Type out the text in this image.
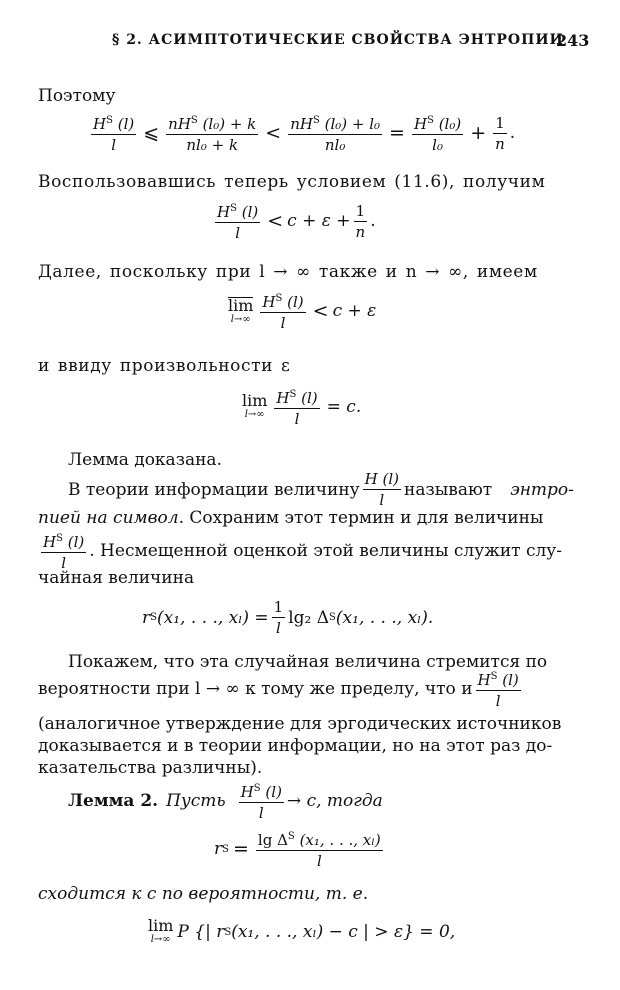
§ 2. АСИМПТОТИЧЕСКИЕ СВОЙСТВА ЭНТРОПИИ
243
Поэтому
$\frac{H^S (l)}{l}$ ⩽ $\frac{nH^S (l_0) + k}{\text{nl₀ + k}} < \frac{nH^S (l_0) + l_0}{\text{nl₀}} = \frac{H^S (l_0)}{\text{l₀}} + \frac{1}{n}$ .
Воспользовавшись теперь условием (11.6), получим
$\frac{H^S (l)}{l} < c + \varepsilon + \frac{1}{n}$ .
Далее, поскольку при l → ∞ также и n → ∞, имеем
lim
$l\to\infty \frac{H^S (l)}{l} < c + \varepsilon$
и ввиду произвольности ε
lim
$l\to\infty \frac{H^S (l)}{l} = c$.
Лемма доказана.
В теории информации величину $\frac{H (l)}{l}$ называют энтро-
пией на символ. Сохраним этот термин и для величины
$\frac{H^S (l)}{l}$ . Несмещенной оценкой этой величины служит слу-
чайная величина
r S (x₁, . . ., $x_l) = \frac{1}{l} \lg_2$ Δ S (x₁, . . ., xₗ).
Покажем, что эта случайная величина стремится по
вероятности при l → ∞ к тому же пределу, что и $\frac{H^S (l)}{l}$
(аналогичное утверждение для эргодических источников
доказывается и в теории информации, но на этот раз до-
казательства различны).
Лемма 2. Пусть $\frac{H^S (l)}{l} \to c$, тогда
r $S = \frac{\lg \Delta^S (x_1, . . ., x_l)}{l}$
сходится к c по вероятности, т. е.
lim
l→∞ P {| r S (x₁, . . ., xₗ) − c | > ε} = 0,
